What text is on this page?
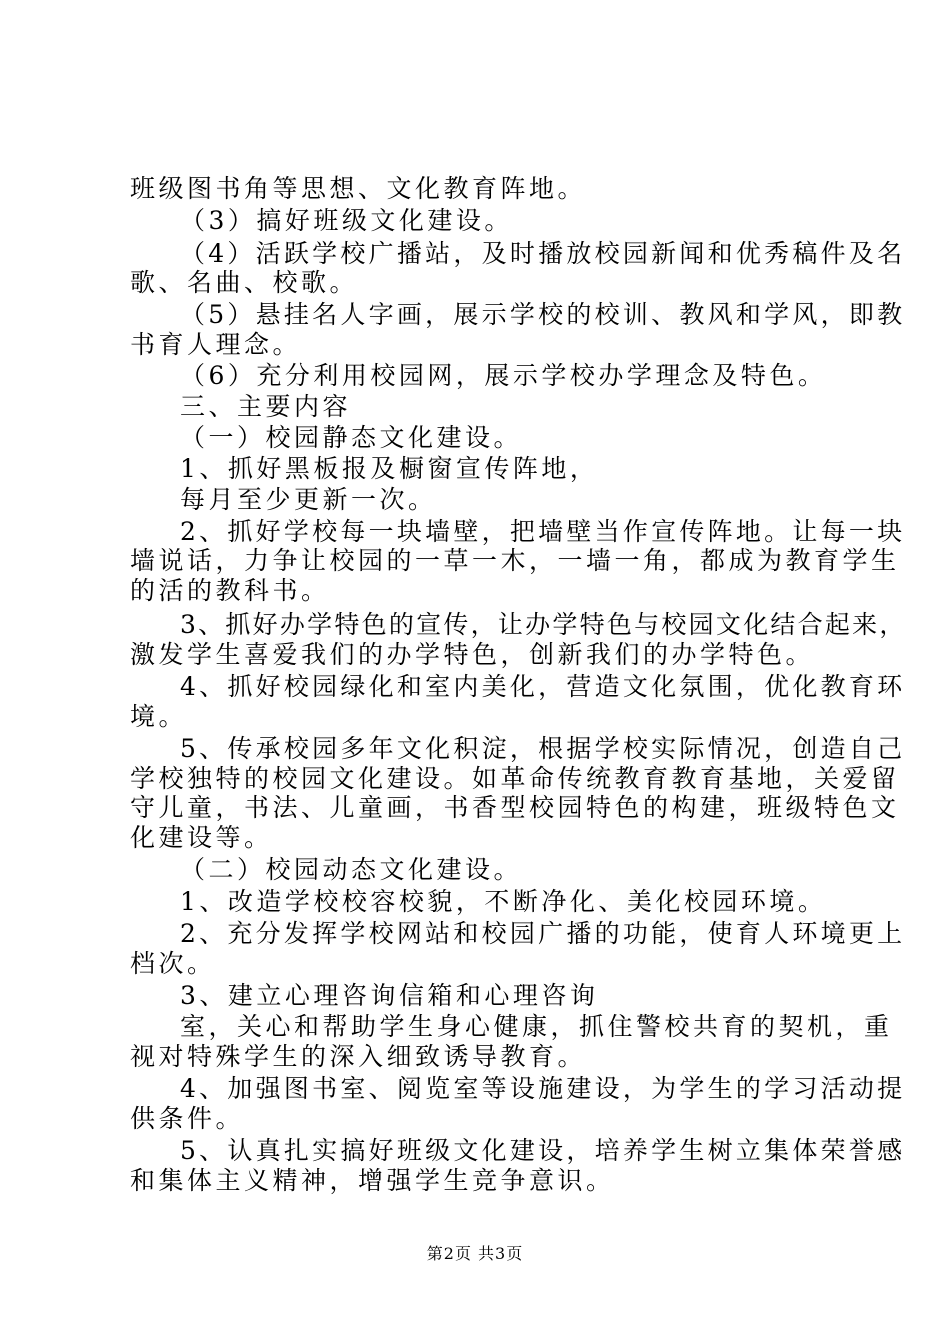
班级图书角等思想、文化教育阵地。
（3）搞好班级文化建设。
（4）活跃学校广播站，及时播放校园新闻和优秀稿件及名
歌、名曲、校歌。
（5）悬挂名人字画，展示学校的校训、教风和学风，即教
书育人理念。
（6）充分利用校园网，展示学校办学理念及特色。
三、主要内容
（一）校园静态文化建设。
1、抓好黑板报及橱窗宣传阵地，
每月至少更新一次。
2、抓好学校每一块墙壁，把墙壁当作宣传阵地。让每一块
墙说话，力争让校园的一草一木，一墙一角，都成为教育学生
的活的教科书。
3、抓好办学特色的宣传，让办学特色与校园文化结合起来，
激发学生喜爱我们的办学特色，创新我们的办学特色。
4、抓好校园绿化和室内美化，营造文化氛围，优化教育环
境。
5、传承校园多年文化积淀，根据学校实际情况，创造自己
学校独特的校园文化建设。如革命传统教育教育基地，关爱留
守儿童，书法、儿童画，书香型校园特色的构建，班级特色文
化建设等。
（二）校园动态文化建设。
1、改造学校校容校貌，不断净化、美化校园环境。
2、充分发挥学校网站和校园广播的功能，使育人环境更上
档次。
3、建立心理咨询信箱和心理咨询
室，关心和帮助学生身心健康，抓住警校共育的契机，重
视对特殊学生的深入细致诱导教育。
4、加强图书室、阅览室等设施建设，为学生的学习活动提
供条件。
5、认真扎实搞好班级文化建设，培养学生树立集体荣誉感
和集体主义精神，增强学生竞争意识。
第2页 共3页
